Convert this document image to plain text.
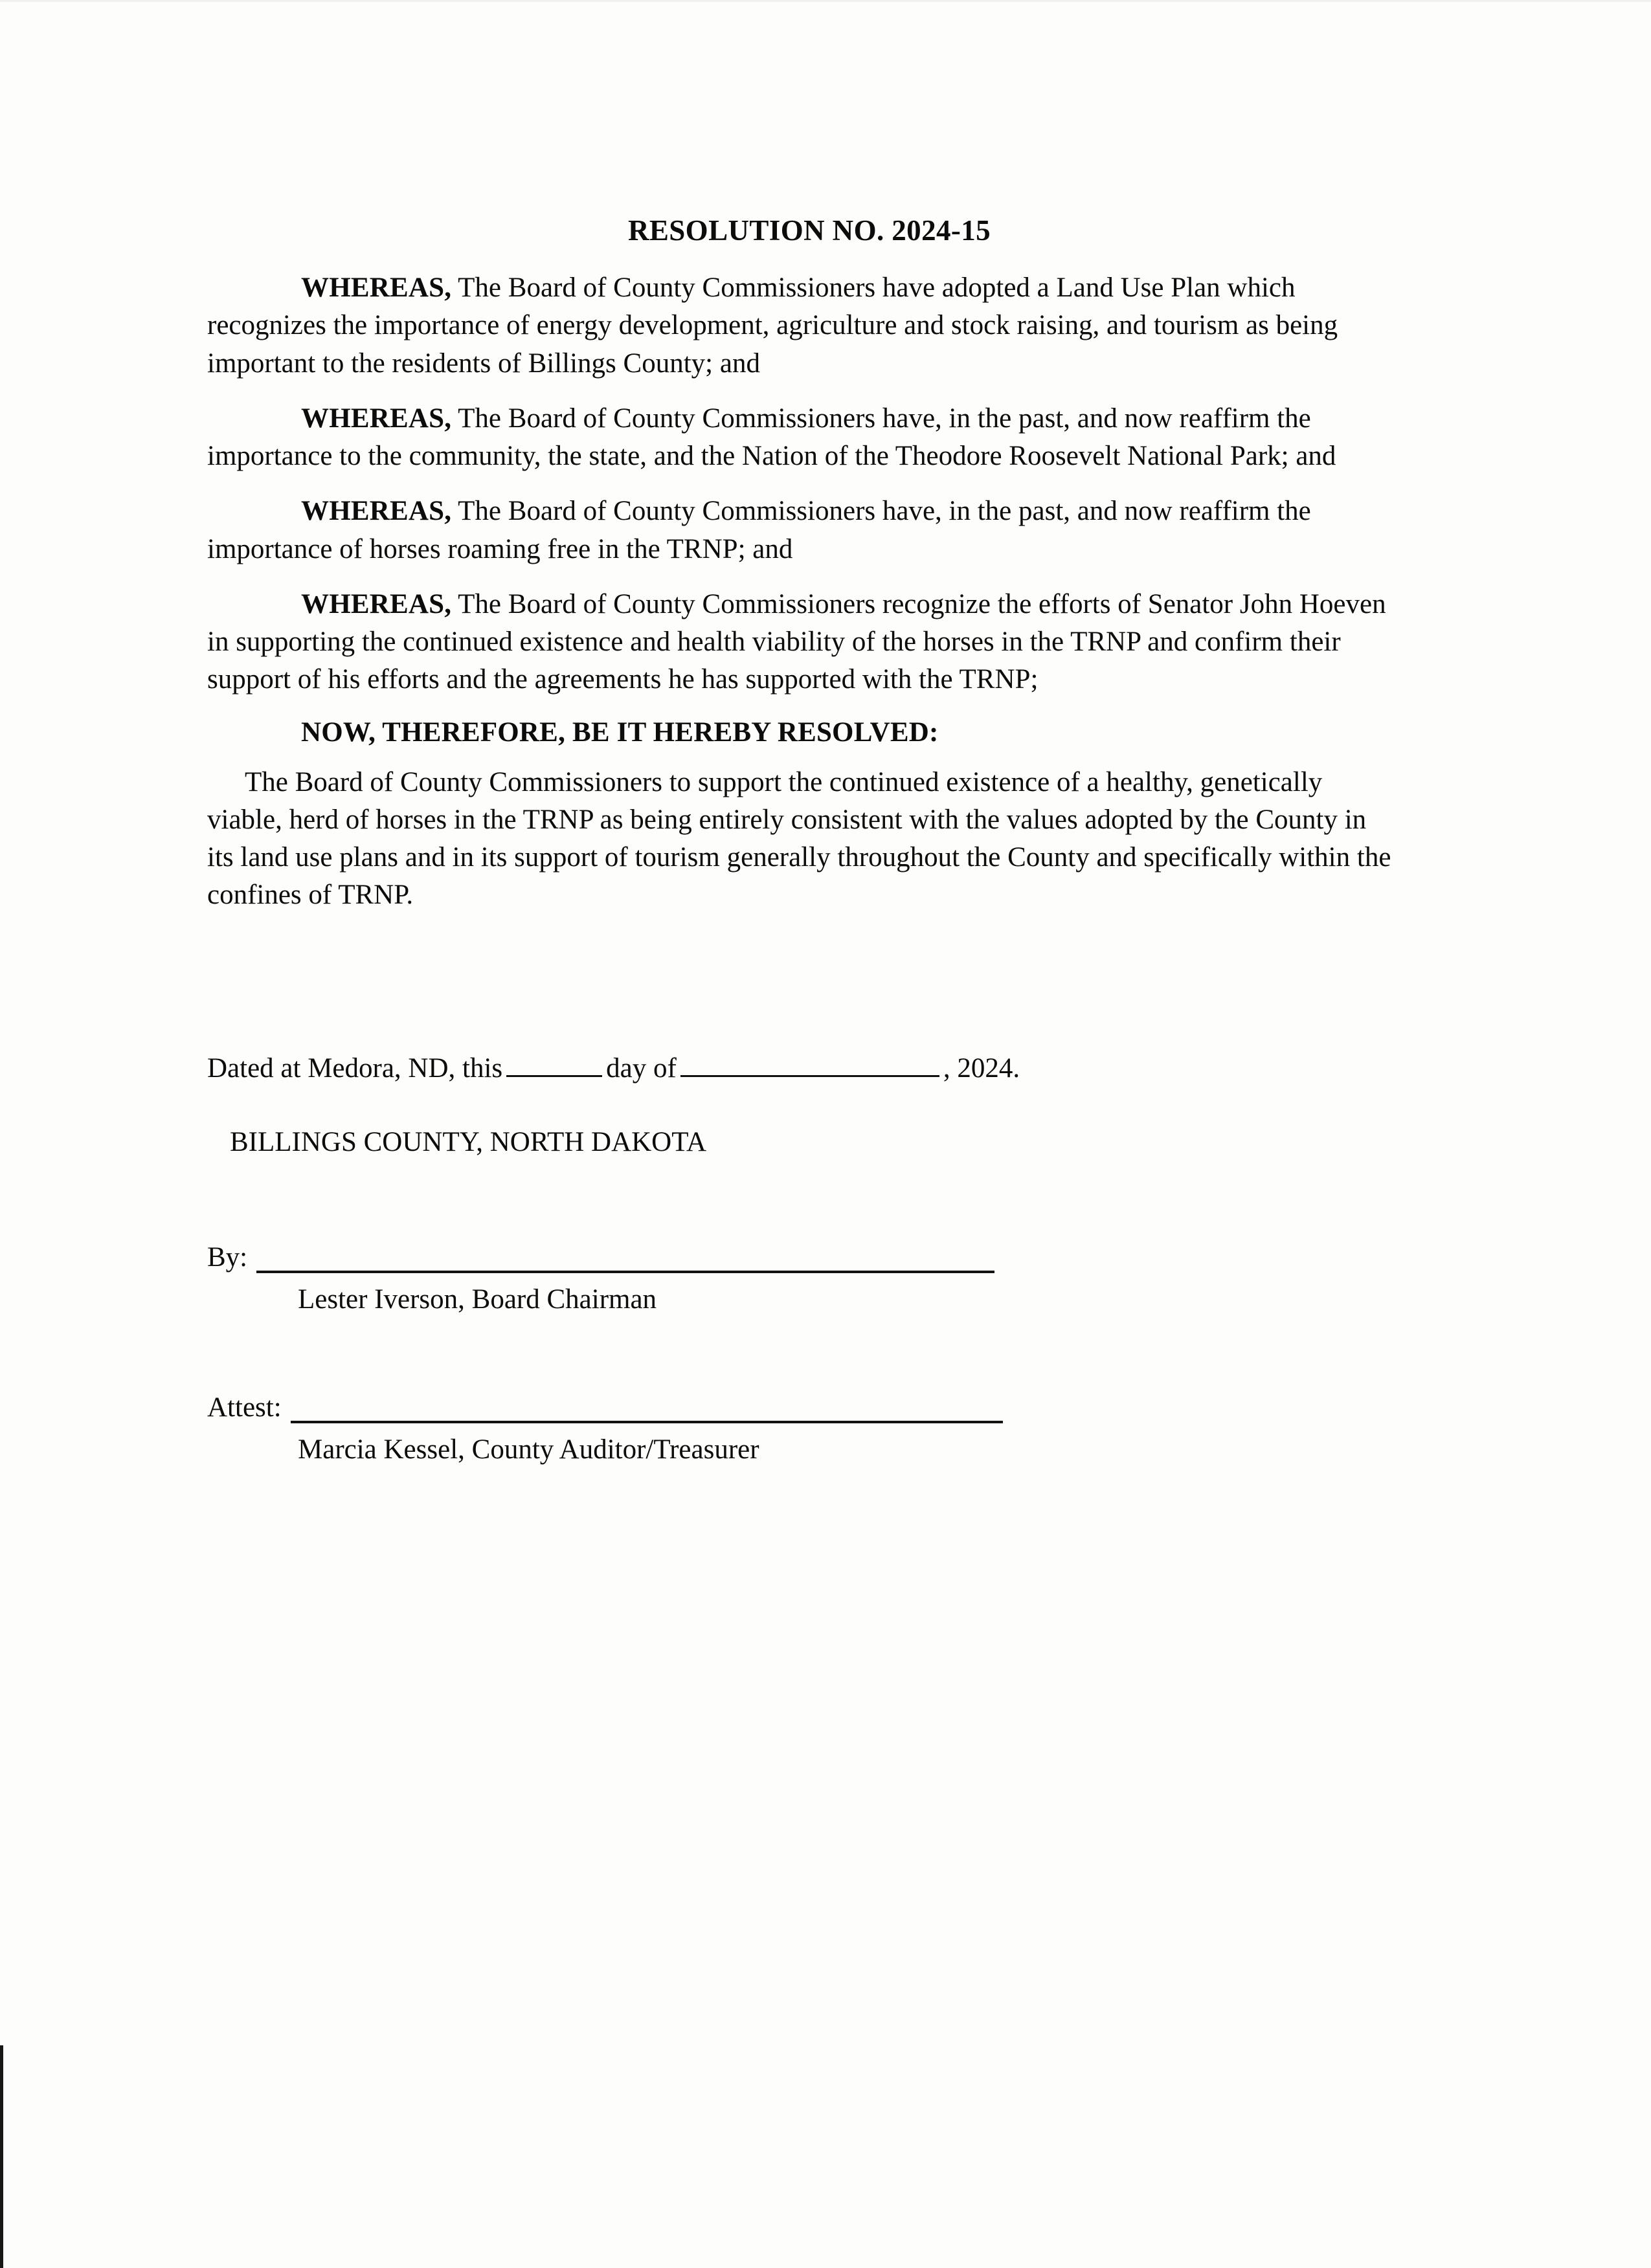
RESOLUTION NO. 2024-15

WHEREAS, The Board of County Commissioners have adopted a Land Use Plan which recognizes the importance of energy development, agriculture and stock raising, and tourism as being important to the residents of Billings County; and

WHEREAS, The Board of County Commissioners have, in the past, and now reaffirm the importance to the community, the state, and the Nation of the Theodore Roosevelt National Park; and

WHEREAS, The Board of County Commissioners have, in the past, and now reaffirm the importance of horses roaming free in the TRNP; and

WHEREAS, The Board of County Commissioners recognize the efforts of Senator John Hoeven in supporting the continued existence and health viability of the horses in the TRNP and confirm their support of his efforts and the agreements he has supported with the TRNP;

NOW, THEREFORE, BE IT HEREBY RESOLVED:

The Board of County Commissioners to support the continued existence of a healthy, genetically viable, herd of horses in the TRNP as being entirely consistent with the values adopted by the County in its land use plans and in its support of tourism generally throughout the County and specifically within the confines of TRNP.

Dated at Medora, ND, this	day of	, 2024.
BILLINGS COUNTY, NORTH DAKOTA
By:
Lester Iverson, Board Chairman
Attest:
Marcia Kessel, County Auditor/Treasurer
